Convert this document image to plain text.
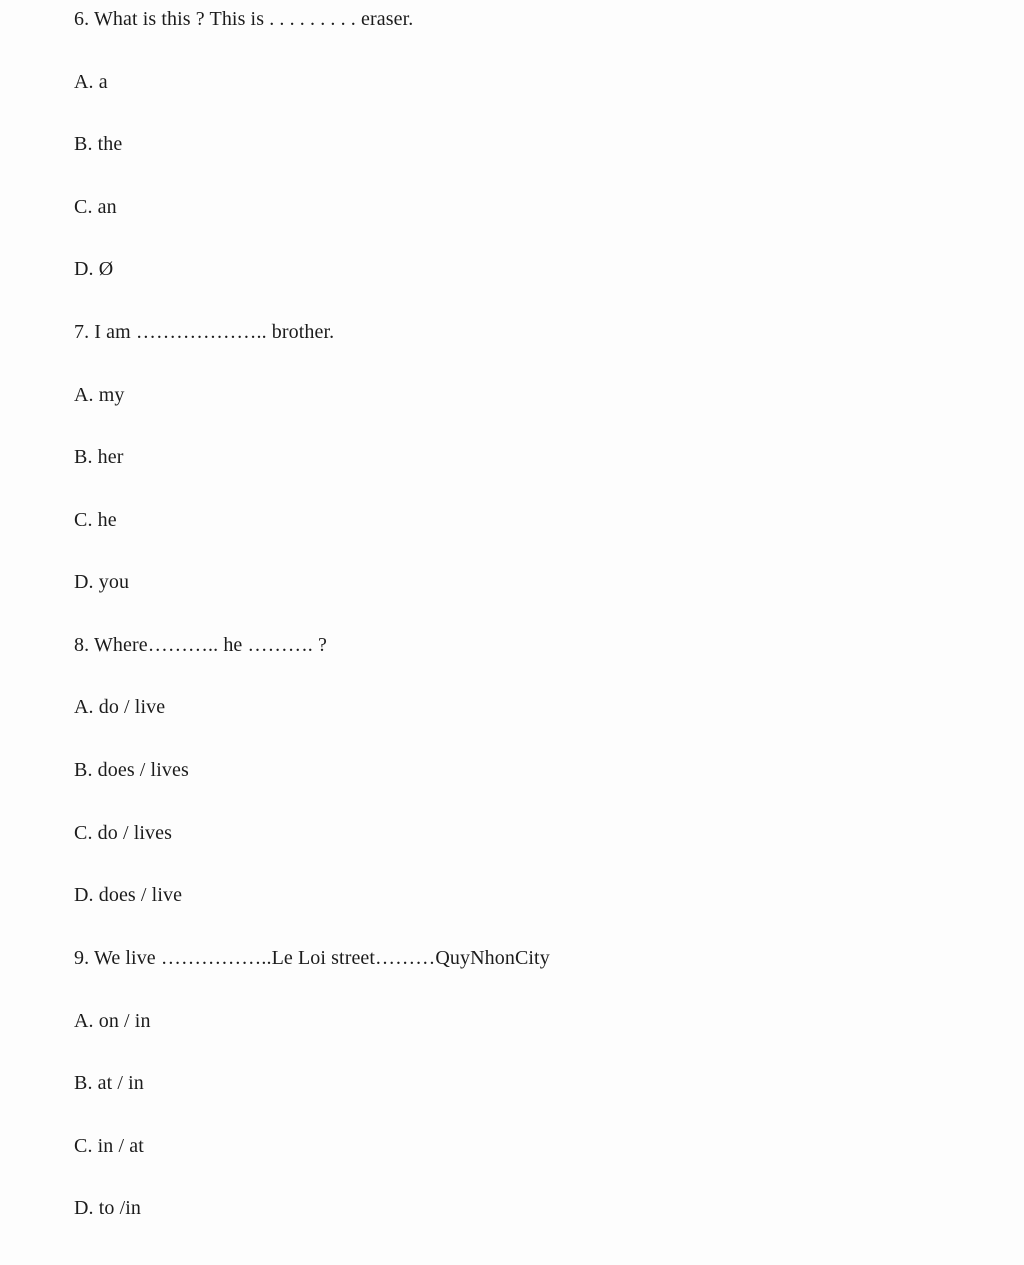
6. What is this ? This is . . . . . . . . . eraser.
A. a
B. the
C. an
D. Ø
7. I am ……………….. brother.
A. my
B. her
C. he
D. you
8. Where……….. he ………. ?
A. do / live
B. does / lives
C. do / lives
D. does / live
9. We live ……………..Le Loi street………QuyNhonCity
A. on / in
B. at / in
C. in / at
D. to /in
